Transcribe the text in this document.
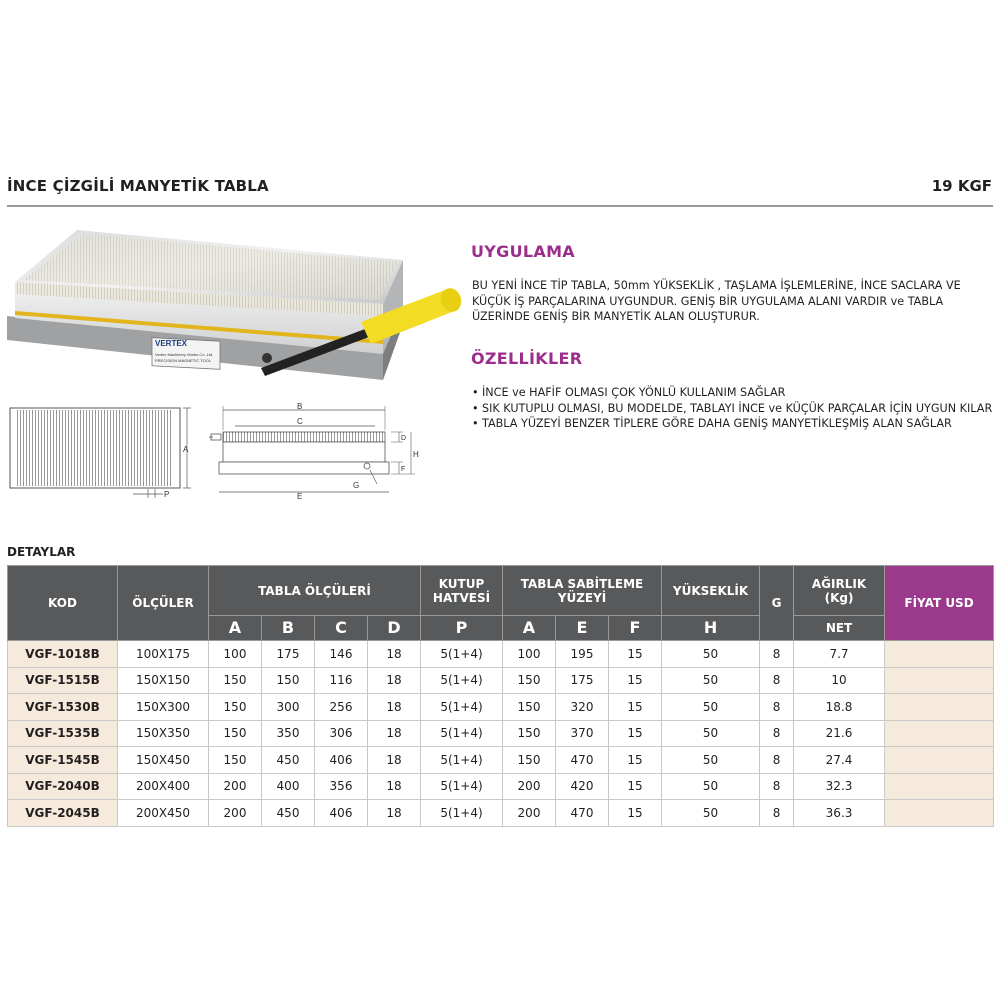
İNCE ÇİZGİLİ MANYETİK TABLA	19 KGF
VERTEX
Vertex Machinery Works Co.,Ltd.
PRECISION MAGNETIC TOOL
A
P
B
C
G
E
D
F
H
UYGULAMA
BU YENİ İNCE TİP TABLA, 50mm YÜKSEKLİK , TAŞLAMA İŞLEMLERİNE, İNCE SACLARA VE KÜÇÜK İŞ PARÇALARINA UYGUNDUR. GENİŞ BİR UYGULAMA ALANI VARDIR ve TABLA ÜZERİNDE GENİŞ BİR MANYETİK ALAN OLUŞTURUR.
ÖZELLİKLER
• İNCE ve HAFİF OLMASI ÇOK YÖNLÜ KULLANIM SAĞLAR
• SIK KUTUPLU OLMASI, BU MODELDE, TABLAYI İNCE ve KÜÇÜK PARÇALAR İÇİN UYGUN KILAR
• TABLA YÜZEYİ BENZER TİPLERE GÖRE DAHA GENİŞ MANYETİKLEŞMİŞ ALAN SAĞLAR
DETAYLAR
KOD	ÖLÇÜLER	TABLA ÖLÇÜLERİ				KUTUP HATVESİ	TABLA SABİTLEME YÜZEYİ			YÜKSEKLİK	G	AĞIRLIK (Kg)	FİYAT USD
		A	B	C	D	P	A	E	F	H		NET	
VGF-1018B	100X175	100	175	146	18	5(1+4)	100	195	15	50	8	7.7	
VGF-1515B	150X150	150	150	116	18	5(1+4)	150	175	15	50	8	10	
VGF-1530B	150X300	150	300	256	18	5(1+4)	150	320	15	50	8	18.8	
VGF-1535B	150X350	150	350	306	18	5(1+4)	150	370	15	50	8	21.6	
VGF-1545B	150X450	150	450	406	18	5(1+4)	150	470	15	50	8	27.4	
VGF-2040B	200X400	200	400	356	18	5(1+4)	200	420	15	50	8	32.3	
VGF-2045B	200X450	200	450	406	18	5(1+4)	200	470	15	50	8	36.3	
